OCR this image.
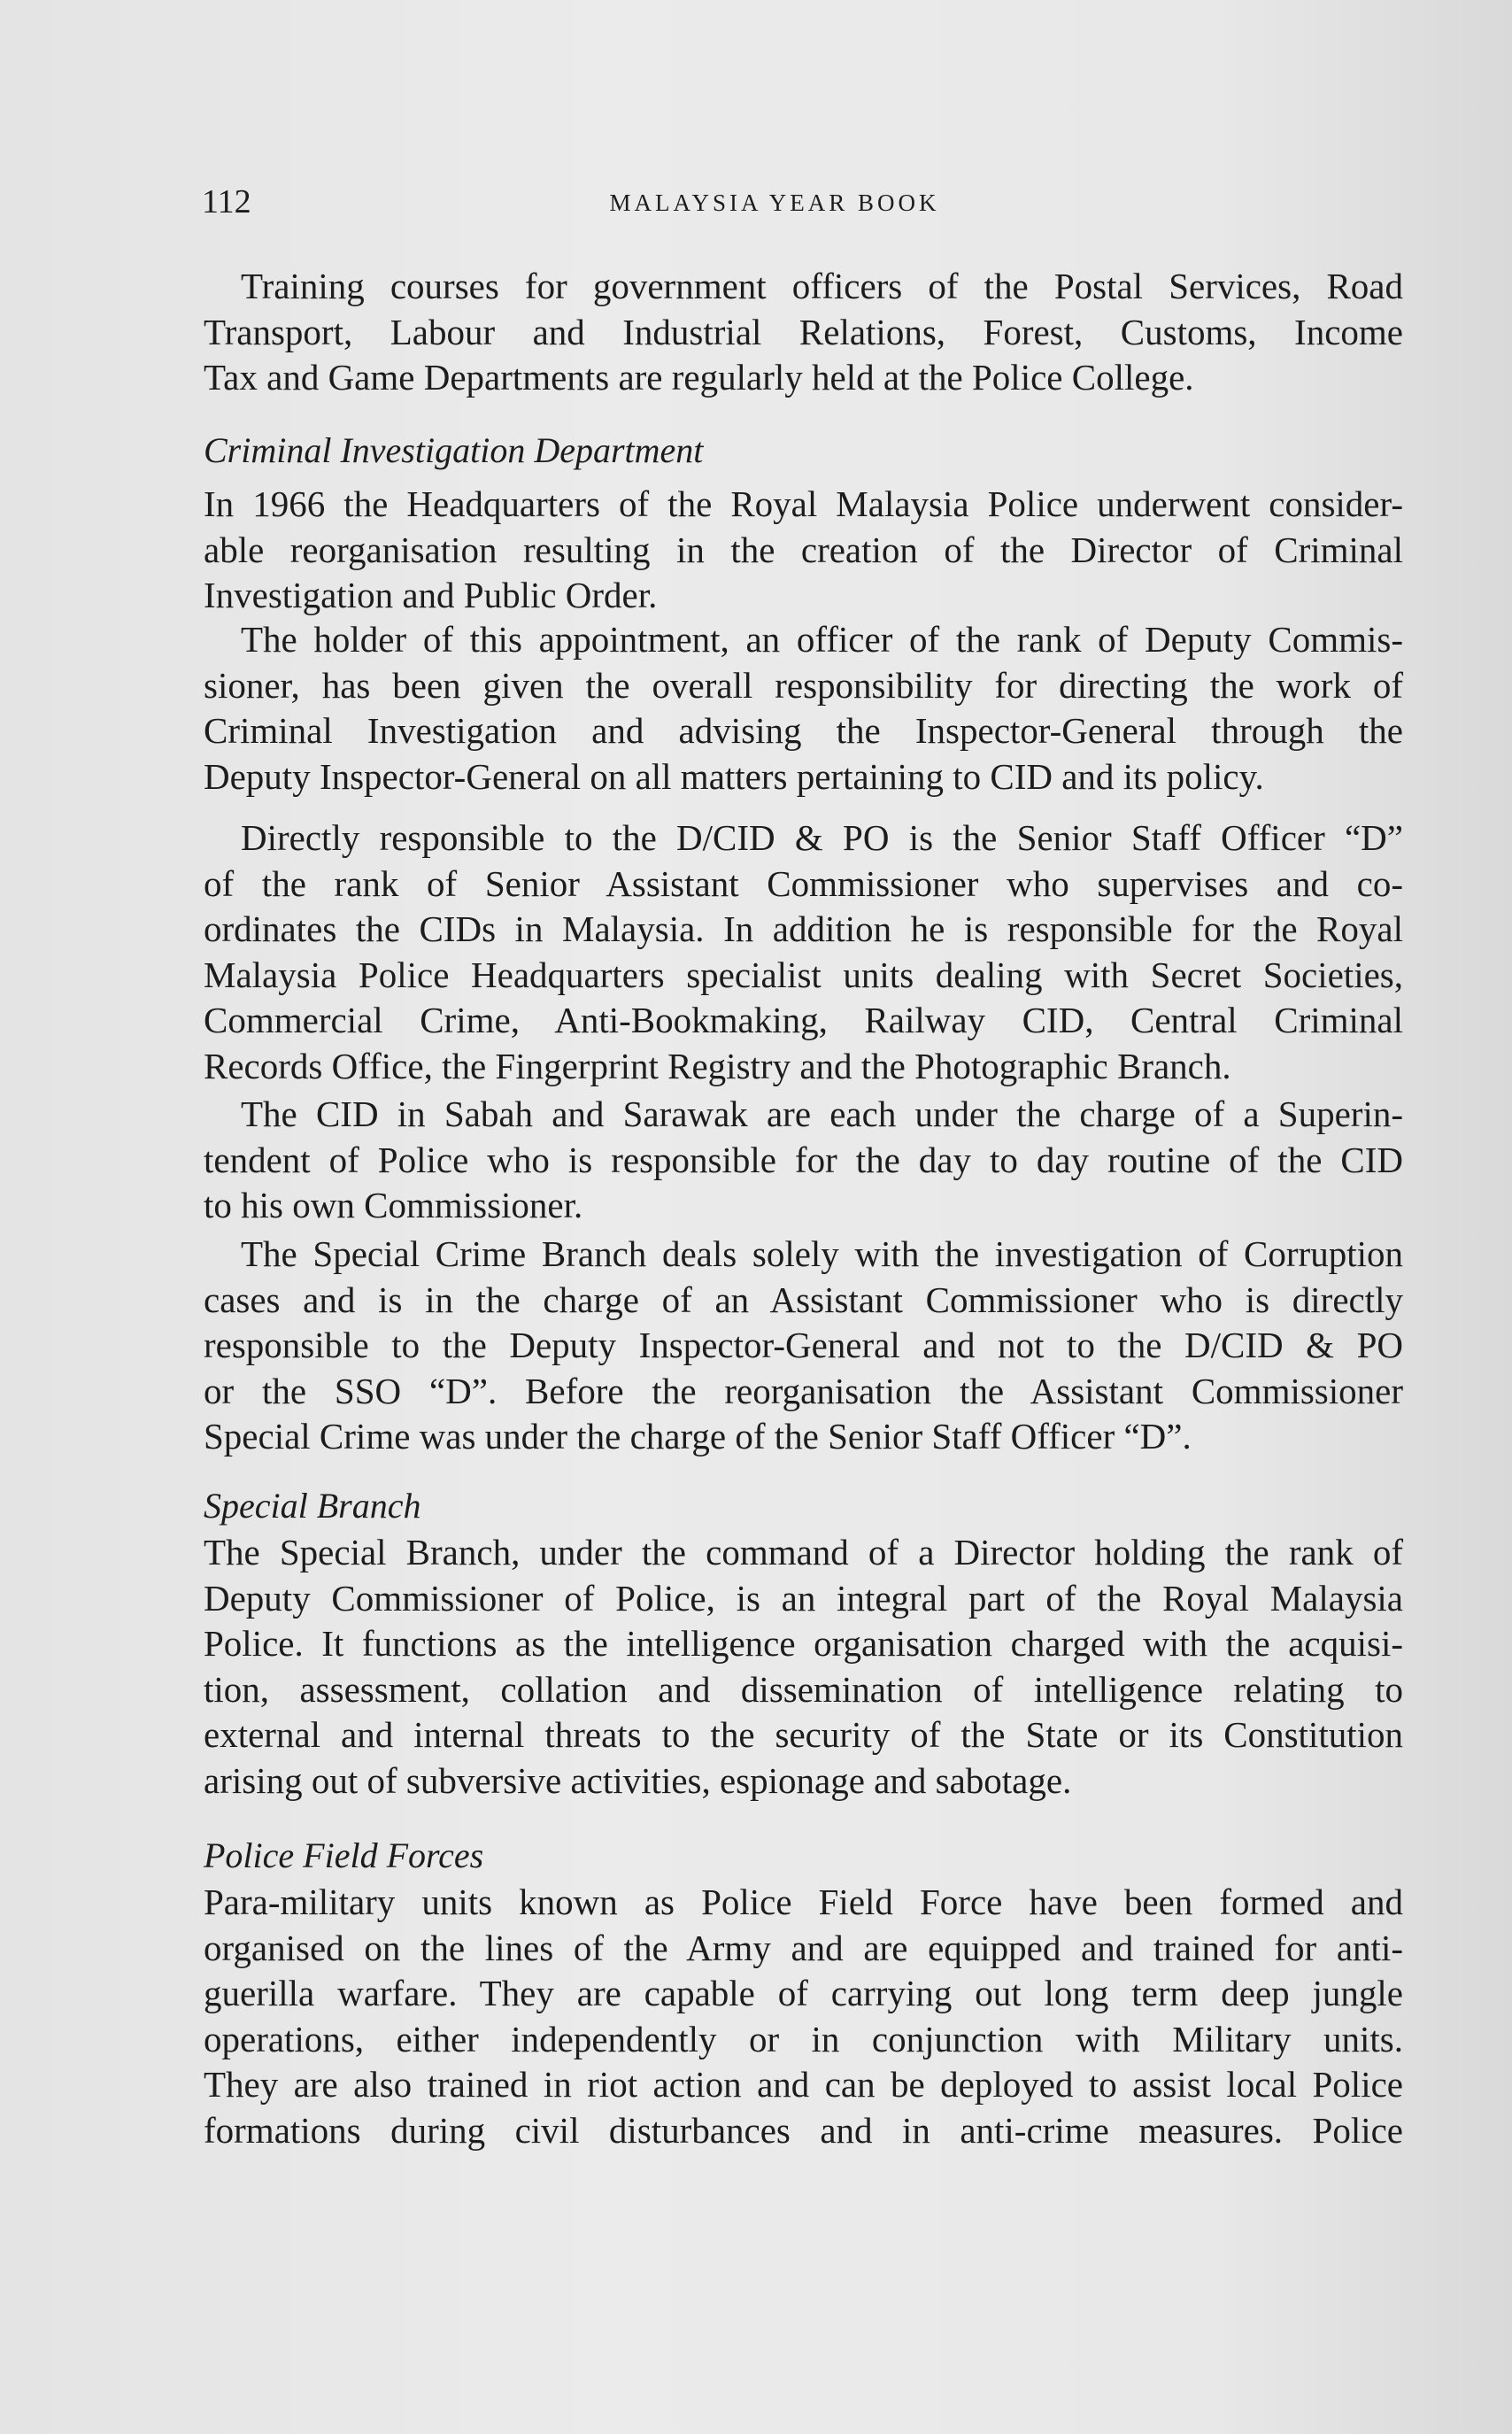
112	MALAYSIA YEAR BOOK
Training courses for government officers of the Postal Services, Road
Transport, Labour and Industrial Relations, Forest, Customs, Income
Tax and Game Departments are regularly held at the Police College.
Criminal Investigation Department
In 1966 the Headquarters of the Royal Malaysia Police underwent consider-
able reorganisation resulting in the creation of the Director of Criminal
Investigation and Public Order.
The holder of this appointment, an officer of the rank of Deputy Commis-
sioner, has been given the overall responsibility for directing the work of
Criminal Investigation and advising the Inspector-General through the
Deputy Inspector-General on all matters pertaining to CID and its policy.
Directly responsible to the D/CID & PO is the Senior Staff Officer “D”
of the rank of Senior Assistant Commissioner who supervises and co-
ordinates the CIDs in Malaysia. In addition he is responsible for the Royal
Malaysia Police Headquarters specialist units dealing with Secret Societies,
Commercial Crime, Anti-Bookmaking, Railway CID, Central Criminal
Records Office, the Fingerprint Registry and the Photographic Branch.
The CID in Sabah and Sarawak are each under the charge of a Superin-
tendent of Police who is responsible for the day to day routine of the CID
to his own Commissioner.
The Special Crime Branch deals solely with the investigation of Corruption
cases and is in the charge of an Assistant Commissioner who is directly
responsible to the Deputy Inspector-General and not to the D/CID & PO
or the SSO “D”. Before the reorganisation the Assistant Commissioner
Special Crime was under the charge of the Senior Staff Officer “D”.
Special Branch
The Special Branch, under the command of a Director holding the rank of
Deputy Commissioner of Police, is an integral part of the Royal Malaysia
Police. It functions as the intelligence organisation charged with the acquisi-
tion, assessment, collation and dissemination of intelligence relating to
external and internal threats to the security of the State or its Constitution
arising out of subversive activities, espionage and sabotage.
Police Field Forces
Para-military units known as Police Field Force have been formed and
organised on the lines of the Army and are equipped and trained for anti-
guerilla warfare. They are capable of carrying out long term deep jungle
operations, either independently or in conjunction with Military units.
They are also trained in riot action and can be deployed to assist local Police
formations during civil disturbances and in anti-crime measures. Police
